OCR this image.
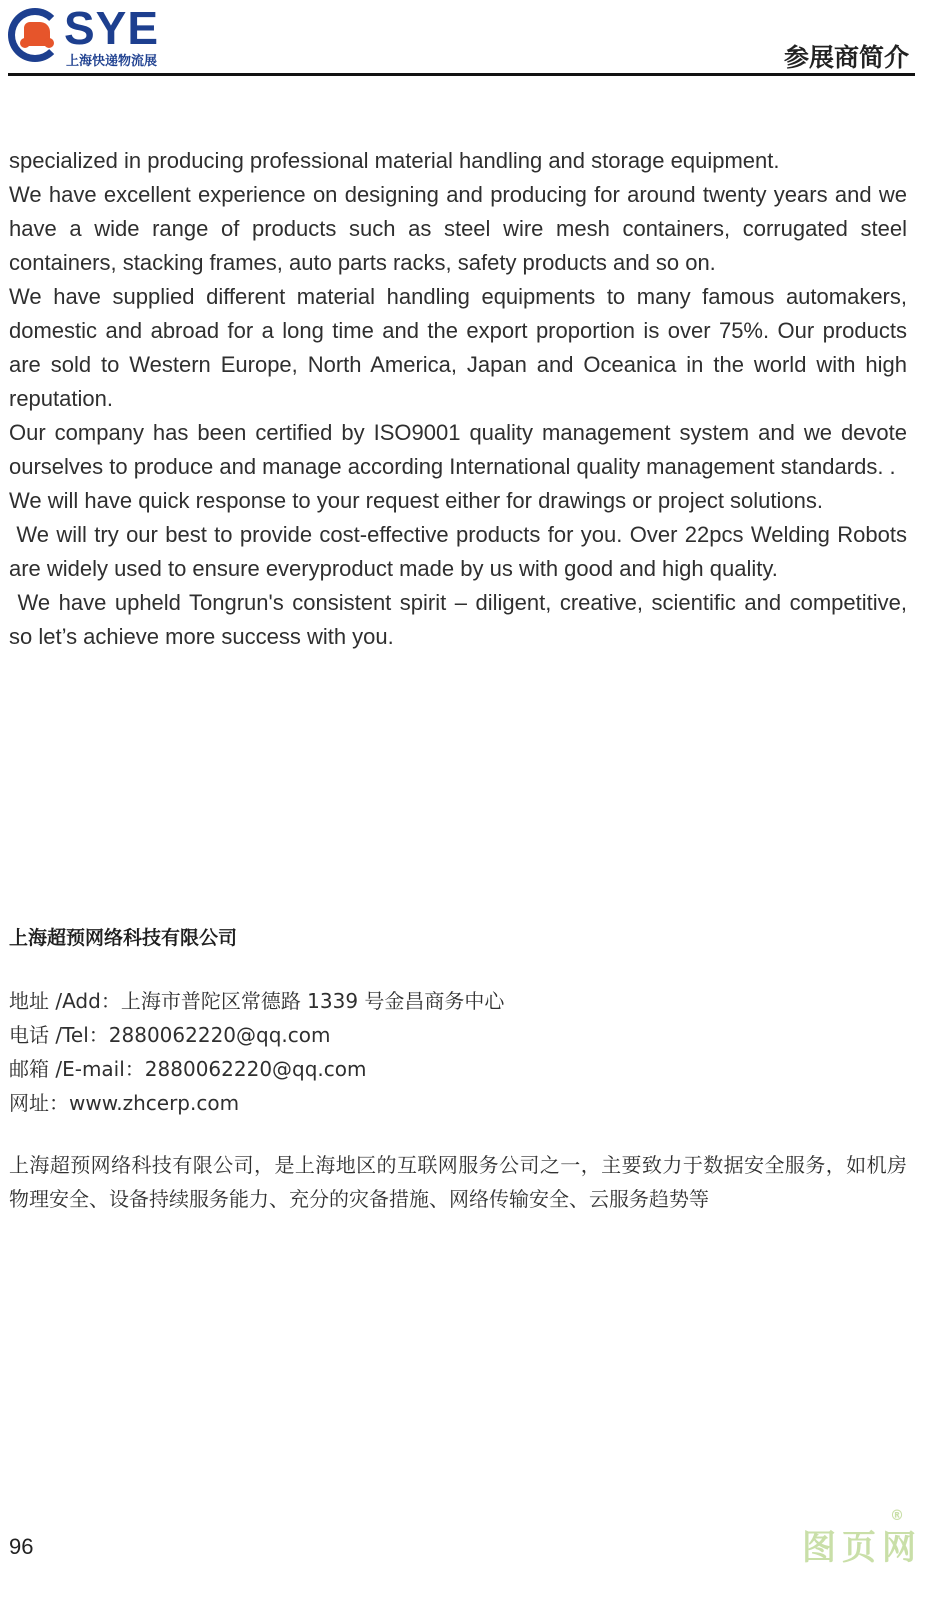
SYE
上海快递物流展	参展商简介

specialized in producing professional material handling and storage equipment.

We have excellent experience on designing and producing for around twenty years and we have a wide range of products such as steel wire mesh containers, corrugated steel containers, stacking frames, auto parts racks, safety products and so on.

We have supplied different material handling equipments to many famous automakers, domestic and abroad for a long time and the export proportion is over 75%. Our products are sold to Western Europe, North America, Japan and Oceanica in the world with high reputation.

Our company has been certified by ISO9001 quality management system and we devote ourselves to produce and manage according International quality management standards. .

We will have quick response to your request either for drawings or project solutions.

We will try our best to provide cost-effective products for you. Over 22pcs Welding Robots are widely used to ensure everyproduct made by us with good and high quality.

We have upheld Tongrun's consistent spirit – diligent, creative, scientific and competitive, so let’s achieve more success with you.

上海超预网络科技有限公司

地址 /Add：上海市普陀区常德路 1339 号金昌商务中心

电话 /Tel：2880062220@qq.com

邮箱 /E-mail：2880062220@qq.com

网址：www.zhcerp.com

上海超预网络科技有限公司，是上海地区的互联网服务公司之一，主要致力于数据安全服务，如机房物理安全、设备持续服务能力、充分的灾备措施、网络传输安全、云服务趋势等

96	图页网
®
